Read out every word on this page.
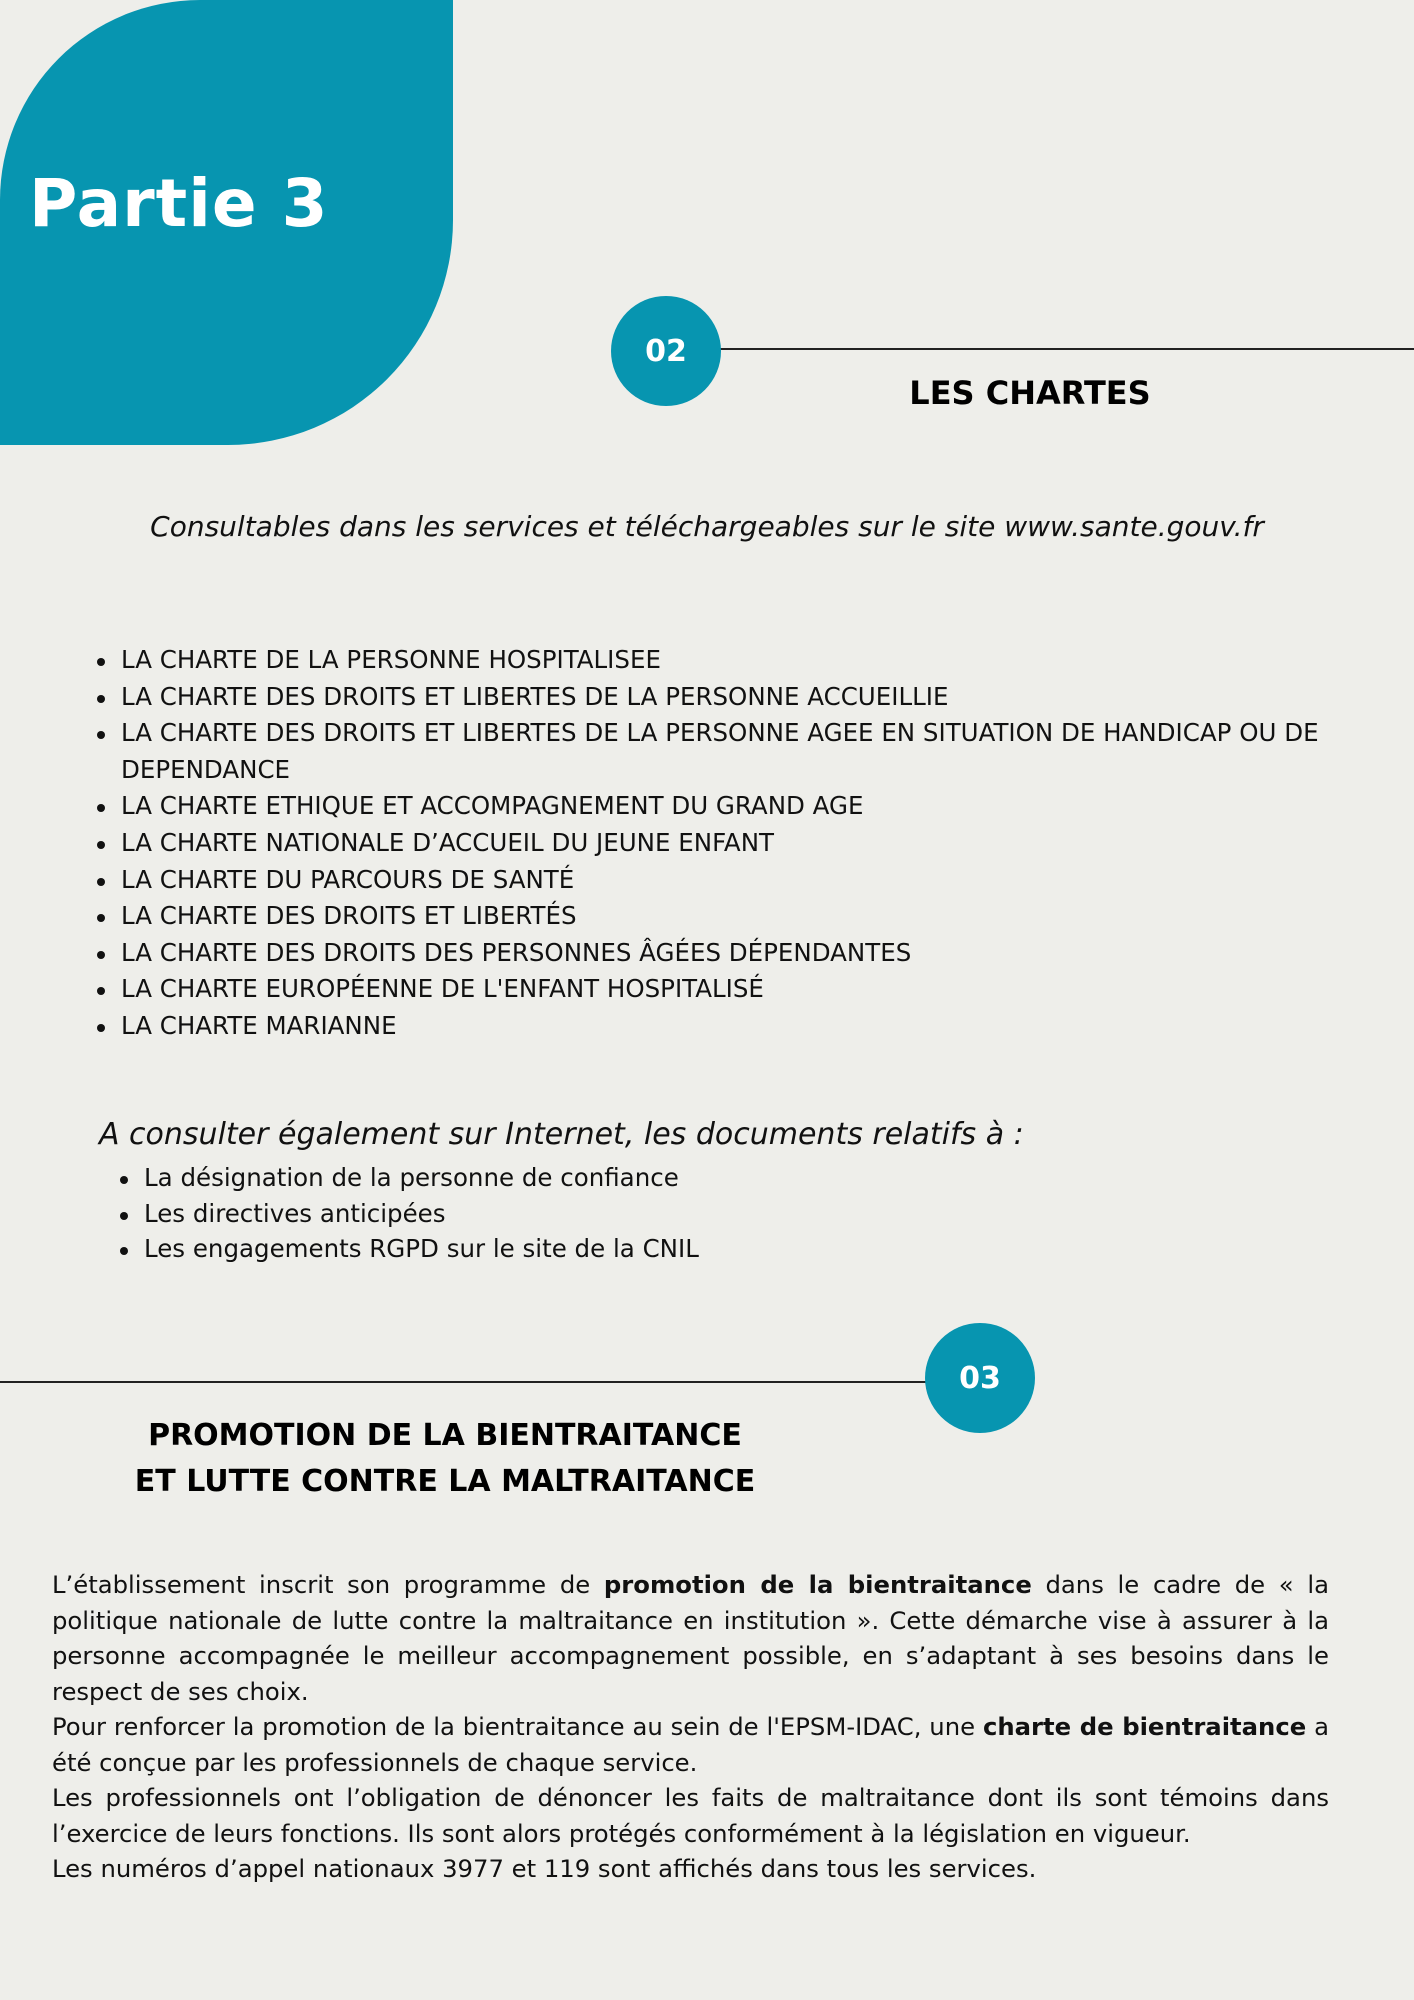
Partie 3
02
LES CHARTES
Consultables dans les services et téléchargeables sur le site www.sante.gouv.fr
LA CHARTE DE LA PERSONNE HOSPITALISEE
LA CHARTE DES DROITS ET LIBERTES DE LA PERSONNE ACCUEILLIE
LA CHARTE DES DROITS ET LIBERTES DE LA PERSONNE AGEE EN SITUATION DE HANDICAP OU DE DEPENDANCE
LA CHARTE ETHIQUE ET ACCOMPAGNEMENT DU GRAND AGE
LA CHARTE NATIONALE D’ACCUEIL DU JEUNE ENFANT
LA CHARTE DU PARCOURS DE SANTÉ
LA CHARTE DES DROITS ET LIBERTÉS
LA CHARTE DES DROITS DES PERSONNES ÂGÉES DÉPENDANTES
LA CHARTE EUROPÉENNE DE L'ENFANT HOSPITALISÉ
LA CHARTE MARIANNE
A consulter également sur Internet, les documents relatifs à :
La désignation de la personne de confiance
Les directives anticipées
Les engagements RGPD sur le site de la CNIL
03
PROMOTION DE LA BIENTRAITANCE
ET LUTTE CONTRE LA MALTRAITANCE

L’établissement inscrit son programme de promotion de la bientraitance dans le cadre de « la politique nationale de lutte contre la maltraitance en institution ». Cette démarche vise à assurer à la personne accompagnée le meilleur accompagnement possible, en s’adaptant à ses besoins dans le respect de ses choix.

Pour renforcer la promotion de la bientraitance au sein de l'EPSM-IDAC, une charte de bientraitance a été conçue par les professionnels de chaque service.

Les professionnels ont l’obligation de dénoncer les faits de maltraitance dont ils sont témoins dans l’exercice de leurs fonctions. Ils sont alors protégés conformément à la législation en vigueur.

Les numéros d’appel nationaux 3977 et 119 sont affichés dans tous les services.
